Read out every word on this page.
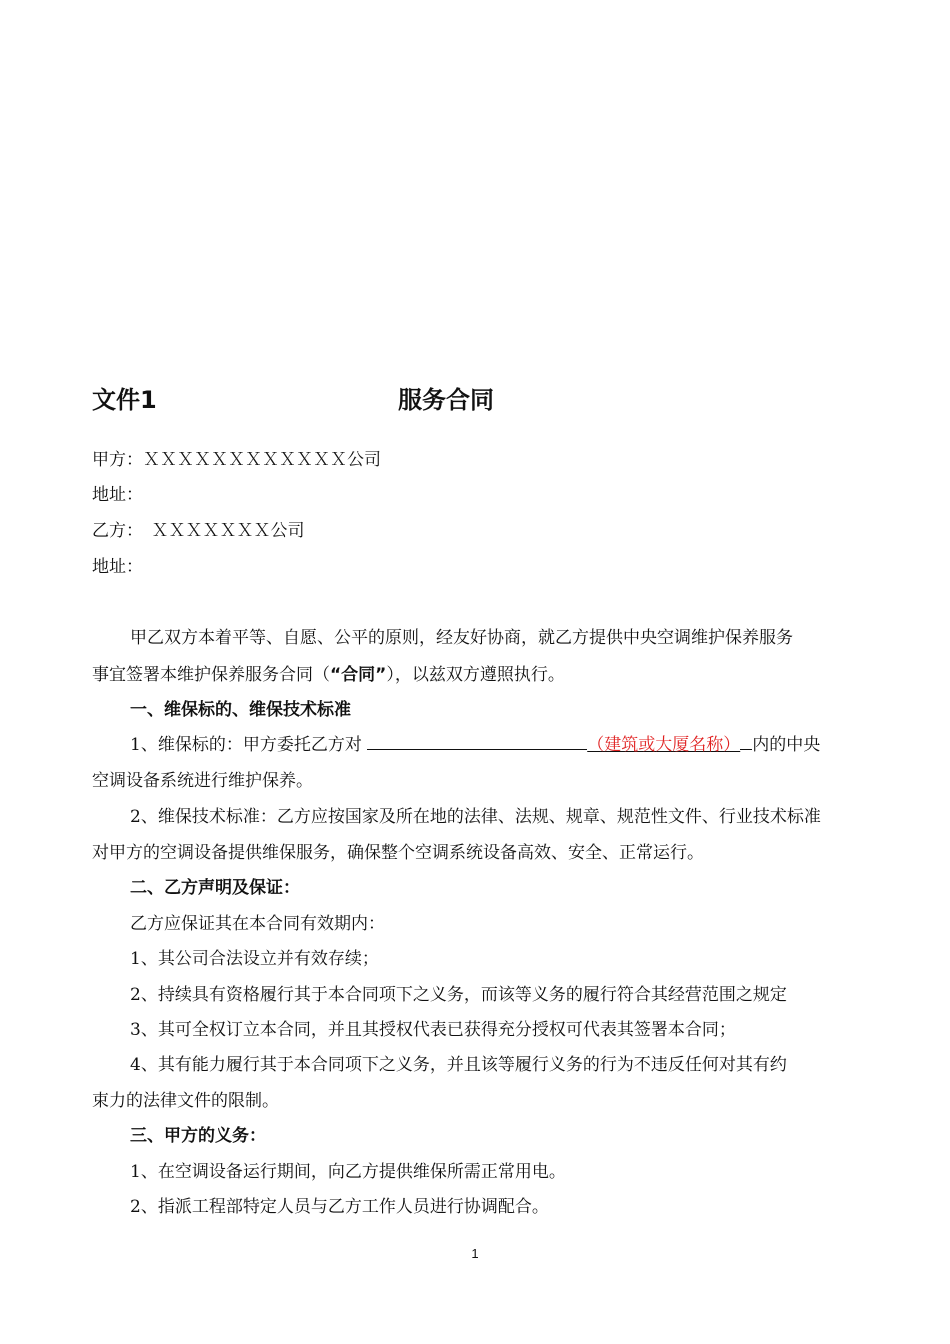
文件1	服务合同
甲方：ＸＸＸＸＸＸＸＸＸＸＸＸ公司
地址：
乙方：　ＸＸＸＸＸＸＸ公司
地址：
甲乙双方本着平等、自愿、公平的原则，经友好协商，就乙方提供中央空调维护保养服务
事宜签署本维护保养服务合同（“合同”），以兹双方遵照执行。
一、维保标的、维保技术标准
1、维保标的：甲方委托乙方对	（建筑或大厦名称） 内的中央
空调设备系统进行维护保养。
2、维保技术标准：乙方应按国家及所在地的法律、法规、规章、规范性文件、行业技术标准
对甲方的空调设备提供维保服务，确保整个空调系统设备高效、安全、正常运行。
二、乙方声明及保证：
乙方应保证其在本合同有效期内：
1、其公司合法设立并有效存续；
2、持续具有资格履行其于本合同项下之义务，而该等义务的履行符合其经营范围之规定
3、其可全权订立本合同，并且其授权代表已获得充分授权可代表其签署本合同；
4、其有能力履行其于本合同项下之义务，并且该等履行义务的行为不违反任何对其有约
束力的法律文件的限制。
三、甲方的义务：
1、在空调设备运行期间，向乙方提供维保所需正常用电。
2、指派工程部特定人员与乙方工作人员进行协调配合。
1
